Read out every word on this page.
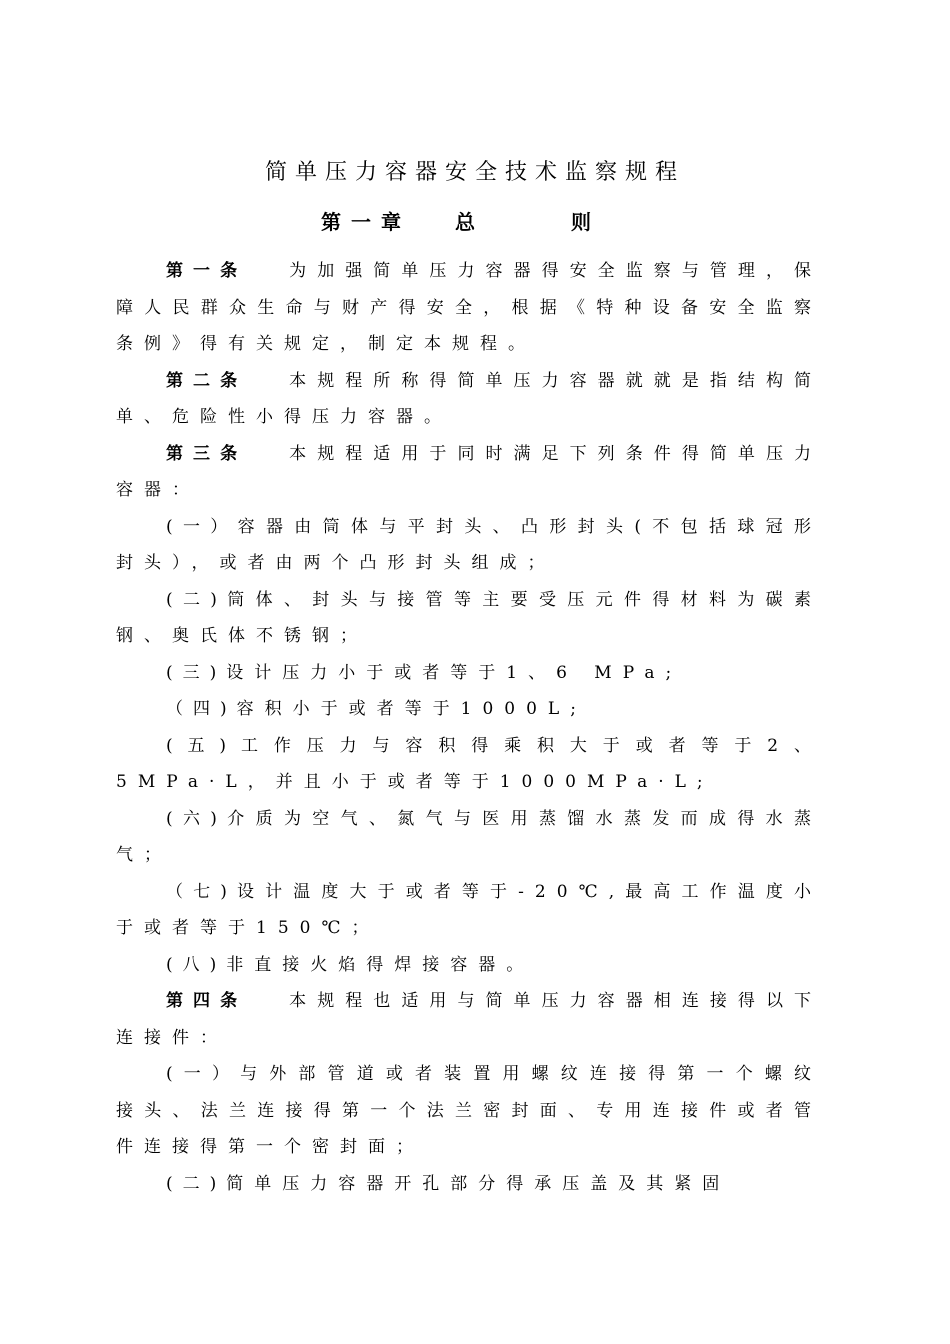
简单压力容器安全技术监察规程
第一章 总　则

第一条 为加强简单压力容器得安全监察与管理，保障人民群众生命与财产得安全，根据《特种设备安全监察条例》得有关规定，制定本规程。

第二条 本规程所称得简单压力容器就就是指结构简单、危险性小得压力容器。

第三条 本规程适用于同时满足下列条件得简单压力容器：

(一）容器由筒体与平封头、凸形封头(不包括球冠形封头），或者由两个凸形封头组成；

(二)筒体、封头与接管等主要受压元件得材料为碳素钢、奥氏体不锈钢；

(三)设计压力小于或者等于1、6 MPa;

（四)容积小于或者等于1000L;

(五)工作压力与容积得乘积大于或者等于2、5MPa·L，并且小于或者等于1000MPa·L;

(六)介质为空气、氮气与医用蒸馏水蒸发而成得水蒸气；

（七)设计温度大于或者等于-20℃,最高工作温度小于或者等于150℃；

(八)非直接火焰得焊接容器。

第四条 本规程也适用与简单压力容器相连接得以下连接件：

(一）与外部管道或者装置用螺纹连接得第一个螺纹接头、法兰连接得第一个法兰密封面、专用连接件或者管件连接得第一个密封面；

(二)简单压力容器开孔部分得承压盖及其紧固
